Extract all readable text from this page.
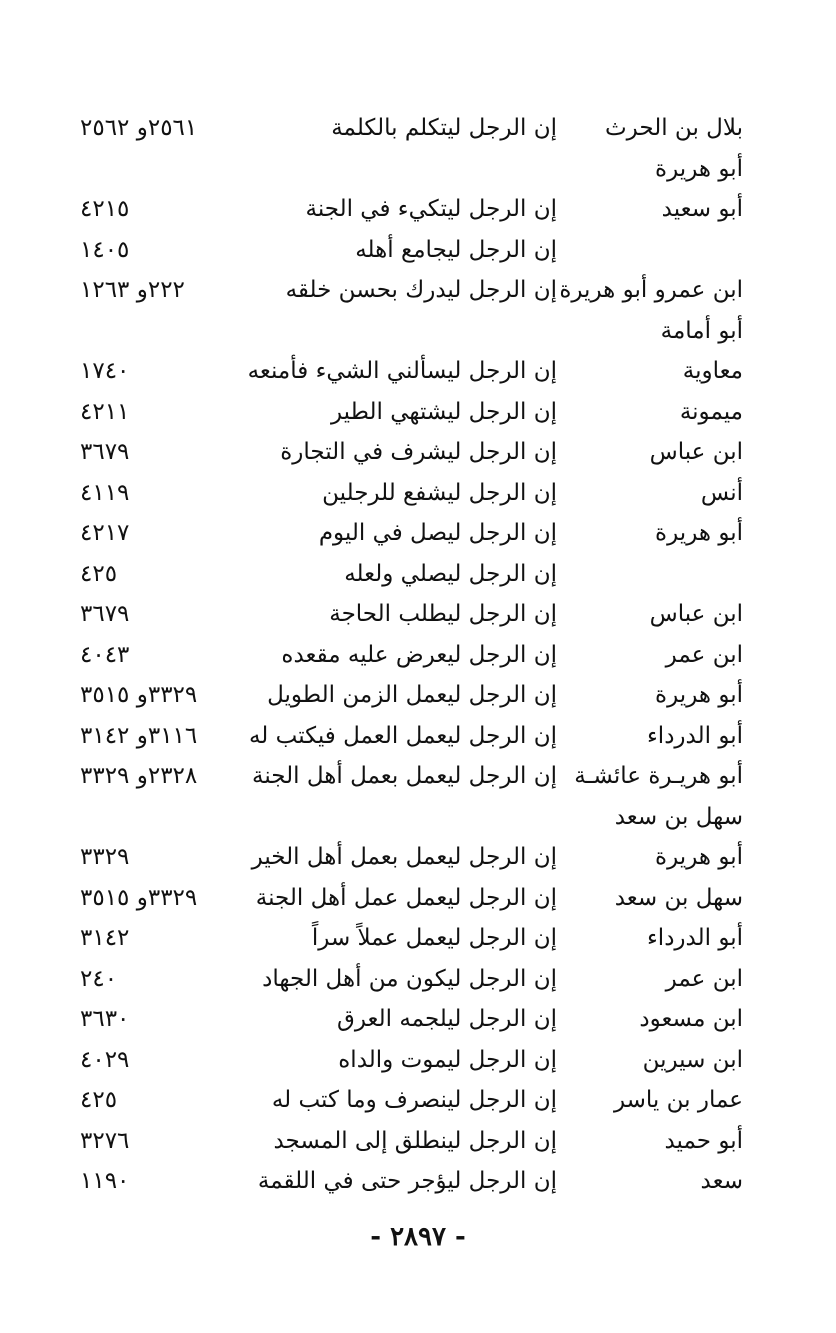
بلال بن الحرث
إن الرجل ليتكلم بالكلمة
٢٥٦١و ٢٥٦٢
أبو هريرة
أبو سعيد
إن الرجل ليتكيء في الجنة
٤٢١٥
إن الرجل ليجامع أهله
١٤٠٥
ابن عمرو أبو هريرة
إن الرجل ليدرك بحسن خلقه
٢٢٢و ١٢٦٣
أبو أمامة
معاوية
إن الرجل ليسألني الشيء فأمنعه
١٧٤٠
ميمونة
إن الرجل ليشتهي الطير
٤٢١١
ابن عباس
إن الرجل ليشرف في التجارة
٣٦٧٩
أنس
إن الرجل ليشفع للرجلين
٤١١٩
أبو هريرة
إن الرجل ليصل في اليوم
٤٢١٧
إن الرجل ليصلي ولعله
٤٢٥
ابن عباس
إن الرجل ليطلب الحاجة
٣٦٧٩
ابن عمر
إن الرجل ليعرض عليه مقعده
٤٠٤٣
أبو هريرة
إن الرجل ليعمل الزمن الطويل
٣٣٢٩و ٣٥١٥
أبو الدرداء
إن الرجل ليعمل العمل فيكتب له
٣١١٦و ٣١٤٢
أبو هريـرة عائشـة
إن الرجل ليعمل بعمل أهل الجنة
٢٣٢٨و ٣٣٢٩
سهل بن سعد
أبو هريرة
إن الرجل ليعمل بعمل أهل الخير
٣٣٢٩
سهل بن سعد
إن الرجل ليعمل عمل أهل الجنة
٣٣٢٩و ٣٥١٥
أبو الدرداء
إن الرجل ليعمل عملاً سراً
٣١٤٢
ابن عمر
إن الرجل ليكون من أهل الجهاد
٢٤٠
ابن مسعود
إن الرجل ليلجمه العرق
٣٦٣٠
ابن سيرين
إن الرجل ليموت والداه
٤٠٢٩
عمار بن ياسر
إن الرجل لينصرف وما كتب له
٤٢٥
أبو حميد
إن الرجل لينطلق إلى المسجد
٣٢٧٦
سعد
إن الرجل ليؤجر حتى في اللقمة
١١٩٠
- ٢٨٩٧ -
